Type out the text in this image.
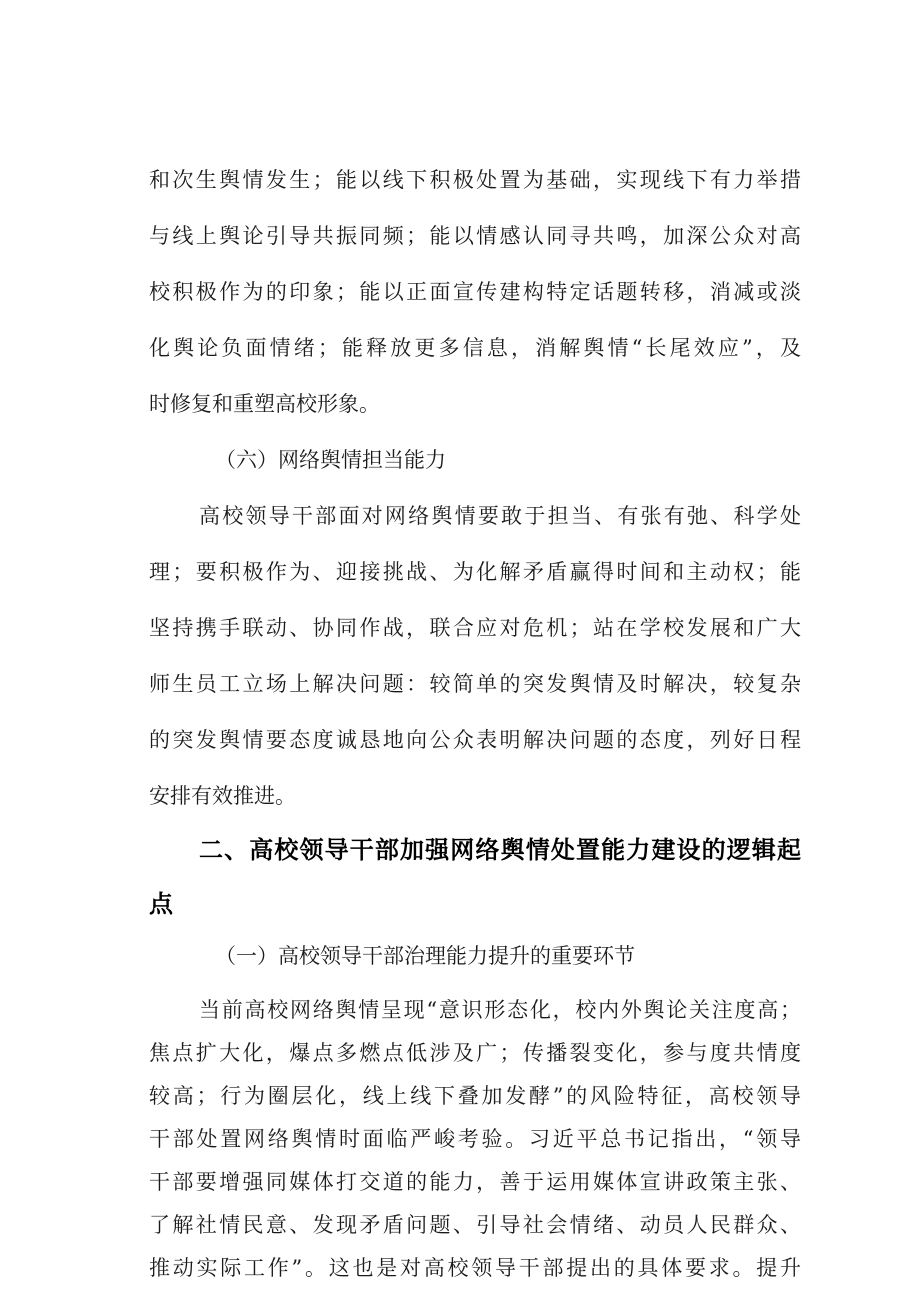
和次生舆情发生；能以线下积极处置为基础，实现线下有力举措
与线上舆论引导共振同频；能以情感认同寻共鸣，加深公众对高
校积极作为的印象；能以正面宣传建构特定话题转移，消减或淡
化舆论负面情绪；能释放更多信息，消解舆情“长尾效应”，及
时修复和重塑高校形象。
（六）网络舆情担当能力
高校领导干部面对网络舆情要敢于担当、有张有弛、科学处
理；要积极作为、迎接挑战、为化解矛盾赢得时间和主动权；能
坚持携手联动、协同作战，联合应对危机；站在学校发展和广大
师生员工立场上解决问题：较简单的突发舆情及时解决，较复杂
的突发舆情要态度诚恳地向公众表明解决问题的态度，列好日程
安排有效推进。
二、高校领导干部加强网络舆情处置能力建设的逻辑起
点
（一）高校领导干部治理能力提升的重要环节
当前高校网络舆情呈现“意识形态化，校内外舆论关注度高；
焦点扩大化，爆点多燃点低涉及广；传播裂变化，参与度共情度
较高；行为圈层化，线上线下叠加发酵”的风险特征，高校领导
干部处置网络舆情时面临严峻考验。习近平总书记指出，“领导
干部要增强同媒体打交道的能力，善于运用媒体宣讲政策主张、
了解社情民意、发现矛盾问题、引导社会情绪、动员人民群众、
推动实际工作”。这也是对高校领导干部提出的具体要求。提升
